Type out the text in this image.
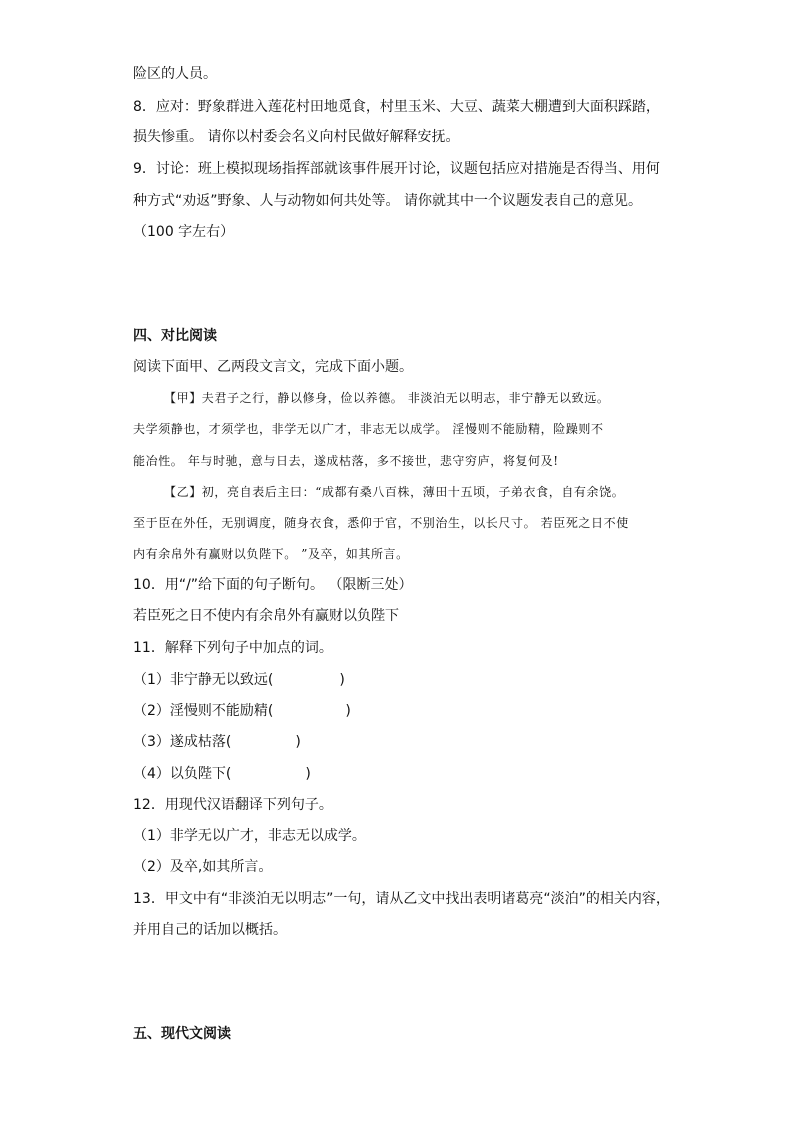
险区的人员。
8．应对：野象群进入莲花村田地觅食，村里玉米、大豆、蔬菜大棚遭到大面积踩踏，
损失惨重。 请你以村委会名义向村民做好解释安抚。
9．讨论：班上模拟现场指挥部就该事件展开讨论，议题包括应对措施是否得当、用何
种方式“劝返”野象、人与动物如何共处等。 请你就其中一个议题发表自己的意见。
（100 字左右）
四、对比阅读
阅读下面甲、乙两段文言文，完成下面小题。
【甲】夫君子之行，静以修身，俭以养德。 非淡泊无以明志，非宁静无以致远。
夫学须静也，才须学也，非学无以广才，非志无以成学。 淫慢则不能励精，险躁则不
能冶性。 年与时驰，意与日去，遂成枯落，多不接世，悲守穷庐，将复何及!
【乙】初，亮自表后主曰：“成都有桑八百株，薄田十五顷，子弟衣食，自有余饶。
至于臣在外任，无别调度，随身衣食，悉仰于官，不别治生，以长尺寸。 若臣死之日不使
内有余帛外有赢财以负陛下。 ”及卒，如其所言。
10．用“/”给下面的句子断句。 （限断三处）
若臣死之日不使内有余帛外有赢财以负陛下
11．解释下列句子中加点的词。
（1）非宁静无以致远(	)
（2）淫慢则不能励精(	)
（3）遂成枯落(	)
（4）以负陛下(	)
12．用现代汉语翻译下列句子。
（1）非学无以广才，非志无以成学。
（2）及卒,如其所言。
13．甲文中有“非淡泊无以明志”一句，请从乙文中找出表明诸葛亮“淡泊”的相关内容，
并用自己的话加以概括。
五、现代文阅读
